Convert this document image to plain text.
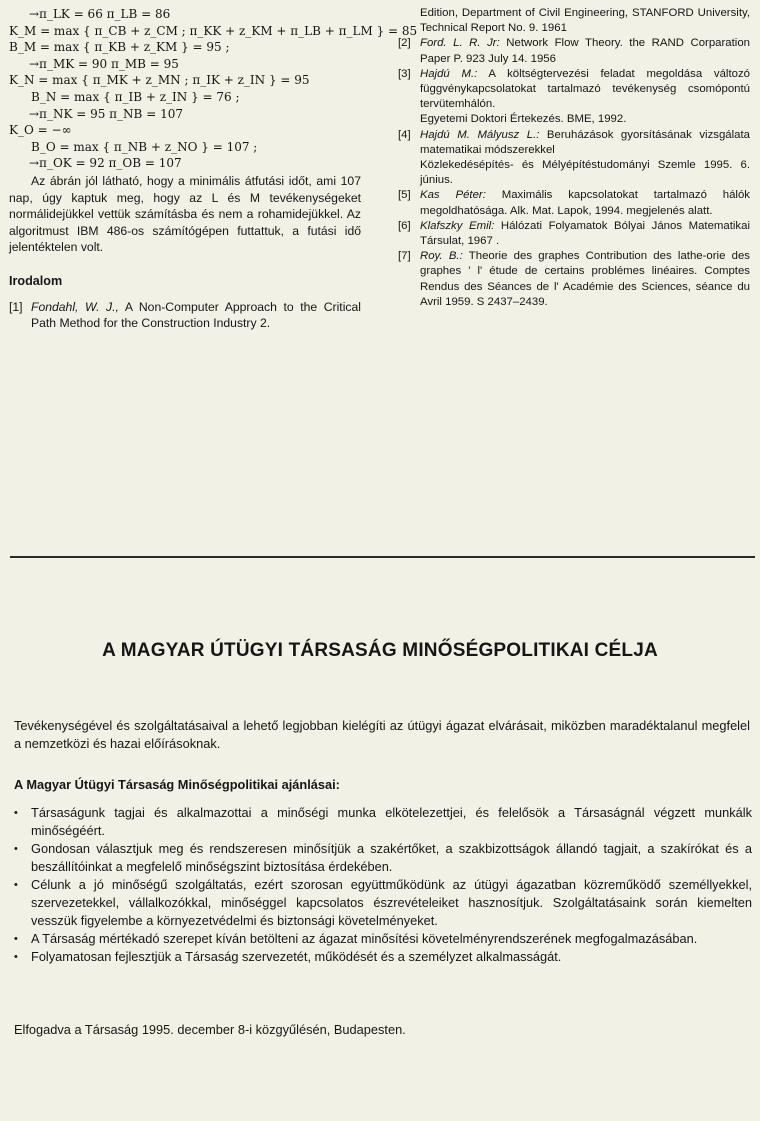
→π_LK = 66 π_LB = 86
K_M = max { π_CB + z_CM ; π_KK + z_KM + π_LB + π_LM } = 85
B_M = max { π_KB + z_KM } = 95 ;
→π_MK = 90 π_MB = 95
K_N = max { π_MK + z_MN ; π_IK + z_IN } = 95
B_N = max { π_IB + z_IN } = 76 ;
→π_NK = 95 π_NB = 107
K_O = −∞
B_O = max { π_NB + z_NO } = 107 ;
→π_OK = 92 π_OB = 107
Az ábrán jól látható, hogy a minimális átfutási időt, ami 107 nap, úgy kaptuk meg, hogy az L és M tevékenységeket normálidejükkel vettük számításba és nem a rohamidejükkel. Az algoritmust IBM 486-os számítógépen futtattuk, a futási idő jelentéktelen volt.
Irodalom
[1] Fondahl, W. J., A Non-Computer Approach to the Critical Path Method for the Construction Industry 2.
Edition, Department of Civil Engineering, STANFORD University, Technical Report No. 9. 1961
[2] Ford. L. R. Jr: Network Flow Theory. the RAND Corparation Paper P. 923 July 14. 1956
[3] Hajdú M.: A költségtervezési feladat megoldása változó függvénykapcsolatokat tartalmazó tevékenység csomópontú tervütemhálón.
Egyetemi Doktori Értekezés. BME, 1992.
[4] Hajdú M. Mályusz L.: Beruházások gyorsításának vizsgálata matematikai módszerekkel
Közlekedésépítés- és Mélyépítéstudományi Szemle 1995. 6. június.
[5] Kas Péter: Maximális kapcsolatokat tartalmazó hálók megoldhatósága. Alk. Mat. Lapok, 1994. megjelenés alatt.
[6] Klafszky Emil: Hálózati Folyamatok Bólyai János Matematikai Társulat, 1967 .
[7] Roy. B.: Theorie des graphes Contribution des lathe-orie des graphes ' l' étude de certains problémes linéaires. Comptes Rendus des Séances de l' Académie des Sciences, séance du Avril 1959. S 2437–2439.
A MAGYAR ÚTÜGYI TÁRSASÁG MINŐSÉGPOLITIKAI CÉLJA
Tevékenységével és szolgáltatásaival a lehető legjobban kielégíti az útügyi ágazat elvárásait, miközben maradéktalanul megfelel a nemzetközi és hazai előírásoknak.
A Magyar Útügyi Társaság Minőségpolitikai ajánlásai:
•	Társaságunk tagjai és alkalmazottai a minőségi munka elkötelezettjei, és felelősök a Társaságnál végzett munkálk minőségéért.
•	Gondosan választjuk meg és rendszeresen minősítjük a szakértőket, a szakbizottságok állandó tagjait, a szakírókat és a beszállítóinkat a megfelelő minőségszint biztosítása érdekében.
•	Célunk a jó minőségű szolgáltatás, ezért szorosan együttműködünk az útügyi ágazatban közreműködő személlyekkel, szervezetekkel, vállalkozókkal, minőséggel kapcsolatos észrevételeiket hasznosítjuk. Szolgáltatásaink során kiemelten vesszük figyelembe a környezetvédelmi és biztonsági követelményeket.
•	A Társaság mértékadó szerepet kíván betölteni az ágazat minősítési követelményrendszerének megfogalmazásában.
•	Folyamatosan fejlesztjük a Társaság szervezetét, működését és a személyzet alkalmasságát.
Elfogadva a Társaság 1995. december 8-i közgyűlésén, Budapesten.
